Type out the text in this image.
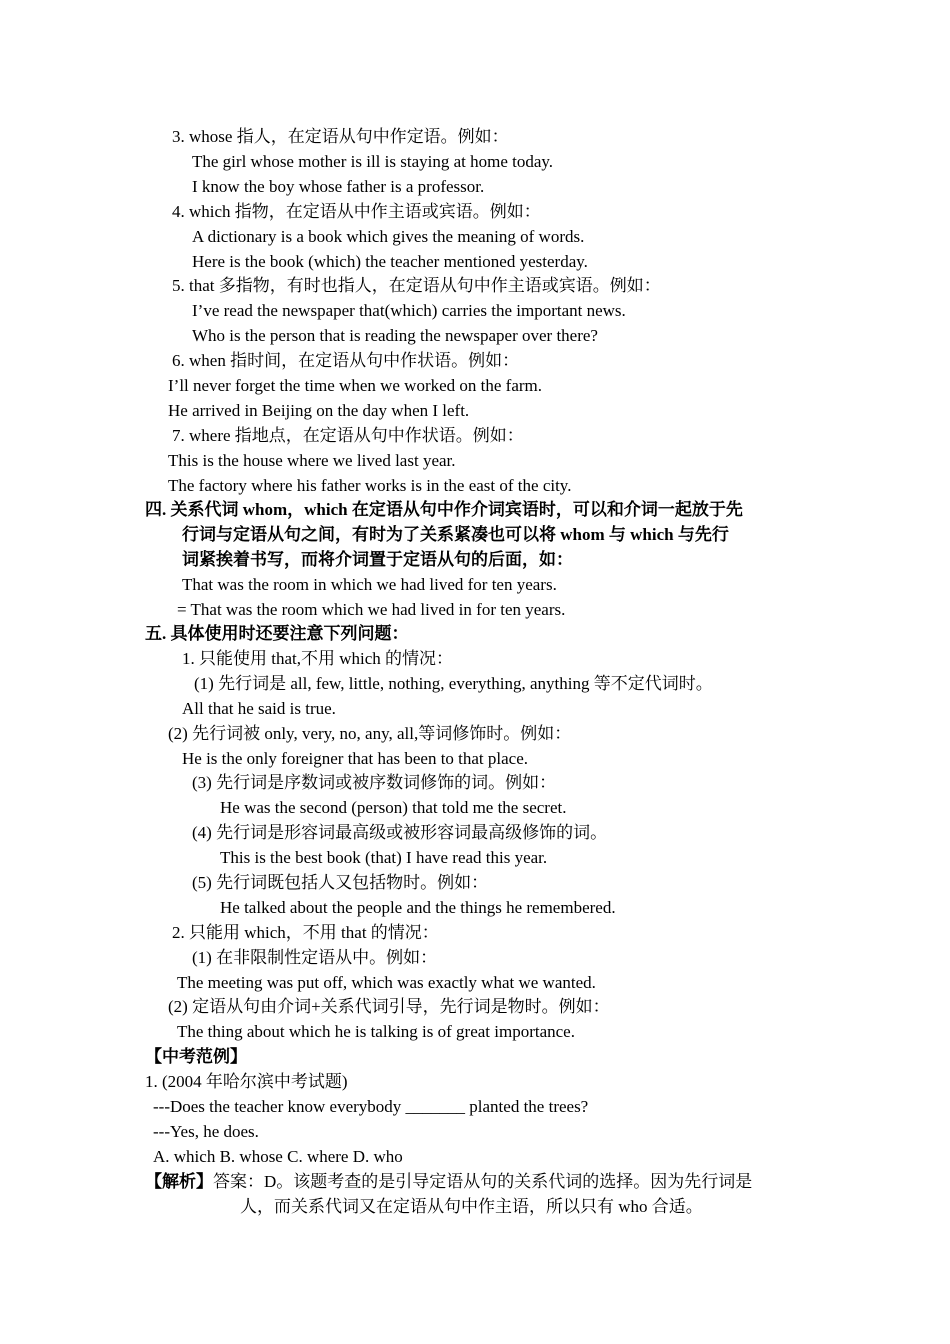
3. whose 指人，在定语从句中作定语。例如：
The girl whose mother is ill is staying at home today.
I know the boy whose father is a professor.
4. which 指物，在定语从中作主语或宾语。例如：
A dictionary is a book which gives the meaning of words.
Here is the book (which) the teacher mentioned yesterday.
5. that 多指物，有时也指人，在定语从句中作主语或宾语。例如：
I’ve read the newspaper that(which) carries the important news.
Who is the person that is reading the newspaper over there?
6. when 指时间，在定语从句中作状语。例如：
I’ll never forget the time when we worked on the farm.
He arrived in Beijing on the day when I left.
7. where 指地点，在定语从句中作状语。例如：
This is the house where we lived last year.
The factory where his father works is in the east of the city.
四. 关系代词 whom，which 在定语从句中作介词宾语时，可以和介词一起放于先
行词与定语从句之间，有时为了关系紧凑也可以将 whom 与 which 与先行
词紧挨着书写，而将介词置于定语从句的后面，如：
That was the room in which we had lived for ten years.
= That was the room which we had lived in for ten years.
五. 具体使用时还要注意下列问题：
1. 只能使用 that,不用 which 的情况：
(1) 先行词是 all, few, little, nothing, everything, anything 等不定代词时。
All that he said is true.
(2) 先行词被 only, very, no, any, all,等词修饰时。例如：
He is the only foreigner that has been to that place.
(3) 先行词是序数词或被序数词修饰的词。例如：
He was the second (person) that told me the secret.
(4) 先行词是形容词最高级或被形容词最高级修饰的词。
This is the best book (that) I have read this year.
(5) 先行词既包括人又包括物时。例如：
He talked about the people and the things he remembered.
2. 只能用 which，不用 that 的情况：
(1) 在非限制性定语从中。例如：
The meeting was put off, which was exactly what we wanted.
(2) 定语从句由介词+关系代词引导，先行词是物时。例如：
The thing about which he is talking is of great importance.
【中考范例】
1. (2004 年哈尔滨中考试题)
---Does the teacher know everybody _______ planted the trees?
---Yes, he does.
A. which B. whose C. where D. who
【解析】答案：D。该题考查的是引导定语从句的关系代词的选择。因为先行词是
人，而关系代词又在定语从句中作主语，所以只有 who 合适。
